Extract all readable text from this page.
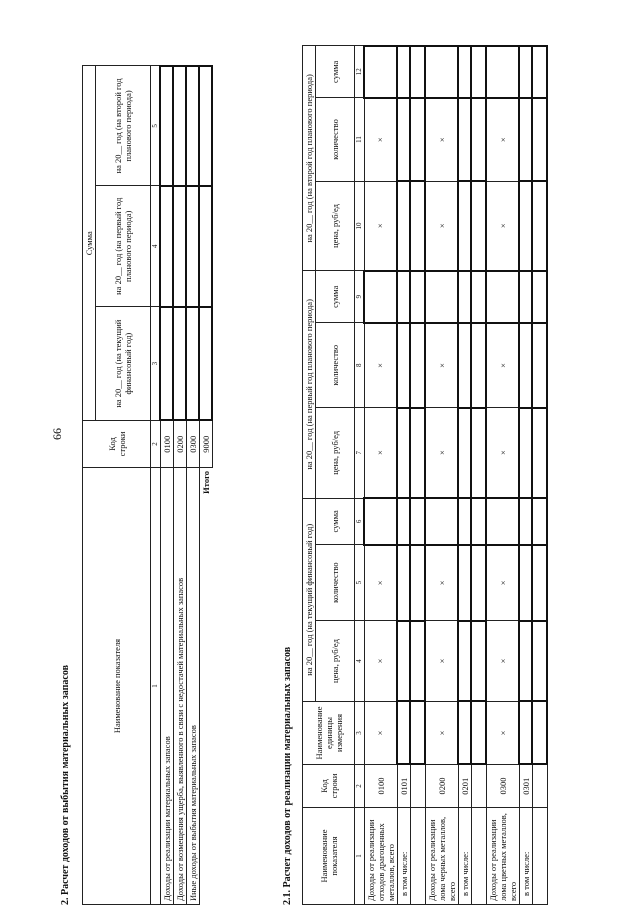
66
2. Расчет доходов от выбытия материальных запасов	Наименование показателя	Код строки	Сумма		
		на 20__ год (на текущий финансовый год)	на 20__ год (на первый год планового периода)	на 20__ год (на второй год планового периода)
1	2	3	4	5
Доходы от реализации материальных запасов	0100			
Доходы от возмещения ущерба, выявленного в связи с недостачей материальных запасов	0200			
Иные доходы от выбытия материальных запасов	0300			
Итого	9000			
2.1. Расчет доходов от реализации материальных запасов	Наименование показателя	Код строки	Наименование единицы измерения	на 20__ год (на текущий финансовый год)			на 20__ год (на первый год планового периода)			на 20__ год (на второй год планового периода)		
			цена, руб/ед	количество	сумма	цена, руб/ед	количество	сумма	цена, руб/ед	количество	сумма
1	2	3	4	5	6	7	8	9	10	11	12
Доходы от реализации отходов драгоценных металлов, всего	0100	×	×	×		×	×		×	×	
в том числе:	0101										

Доходы от реализации лома черных металлов, всего	0200	×	×	×		×	×		×	×	
в том числе:	0201										

Доходы от реализации лома цветных металлов, всего	0300	×	×	×		×	×		×	×	
в том числе:	0301										
